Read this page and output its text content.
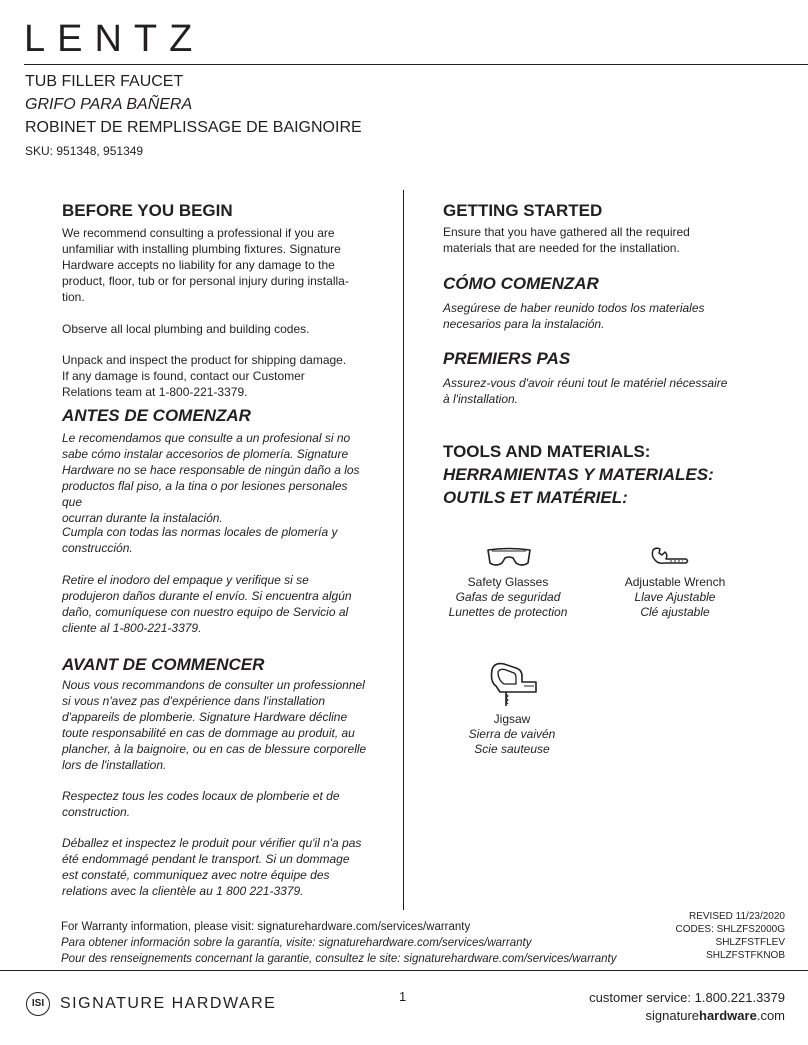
LENTZ
TUB FILLER FAUCET
GRIFO PARA BAÑERA
ROBINET DE REMPLISSAGE DE BAIGNOIRE
SKU: 951348, 951349
BEFORE YOU BEGIN
We recommend consulting a professional if you are
unfamiliar with installing plumbing fixtures. Signature
Hardware accepts no liability for any damage to the
product, floor, tub or for personal injury during installa-
tion.
Observe all local plumbing and building codes.
Unpack and inspect the product for shipping damage.
If any damage is found, contact our Customer
Relations team at 1-800-221-3379.
ANTES DE COMENZAR
Le recomendamos que consulte a un profesional si no
sabe cómo instalar accesorios de plomería. Signature
Hardware no se hace responsable de ningún daño a los
productos flal piso, a la tina o por lesiones personales que
ocurran durante la instalación.
Cumpla con todas las normas locales de plomería y
construcción.
Retire el inodoro del empaque y verifique si se
produjeron daños durante el envío. Si encuentra algún
daño, comuníquese con nuestro equipo de Servicio al
cliente al 1-800-221-3379.
AVANT DE COMMENCER
Nous vous recommandons de consulter un professionnel
si vous n'avez pas d'expérience dans l'installation
d'appareils de plomberie. Signature Hardware décline
toute responsabilité en cas de dommage au produit, au
plancher, à la baignoire, ou en cas de blessure corporelle
lors de l'installation.
Respectez tous les codes locaux de plomberie et de
construction.
Déballez et inspectez le produit pour vérifier qu'il n'a pas
été endommagé pendant le transport. Si un dommage
est constaté, communiquez avec notre équipe des
relations avec la clientèle au 1 800 221-3379.
GETTING STARTED
Ensure that you have gathered all the required
materials that are needed for the installation.
CÓMO COMENZAR
Asegúrese de haber reunido todos los materiales
necesarios para la instalación.
PREMIERS PAS
Assurez-vous d'avoir réuni tout le matériel nécessaire
à l'installation.
TOOLS AND MATERIALS:
HERRAMIENTAS Y MATERIALES:
OUTILS ET MATÉRIEL:
Safety Glasses
Gafas de seguridad
Lunettes de protection
Adjustable Wrench
Llave Ajustable
Clé ajustable
Jigsaw
Sierra de vaivén
Scie sauteuse
For Warranty information, please visit: signaturehardware.com/services/warranty
Para obtener información sobre la garantía, visite: signaturehardware.com/services/warranty
Pour des renseignements concernant la garantie, consultez le site: signaturehardware.com/services/warranty
REVISED 11/23/2020
CODES: SHLZFS2000G
SHLZFSTFLEV
SHLZFSTFKNOB
ISI SIGNATURE HARDWARE	1	customer service: 1.800.221.3379
signaturehardware.com
